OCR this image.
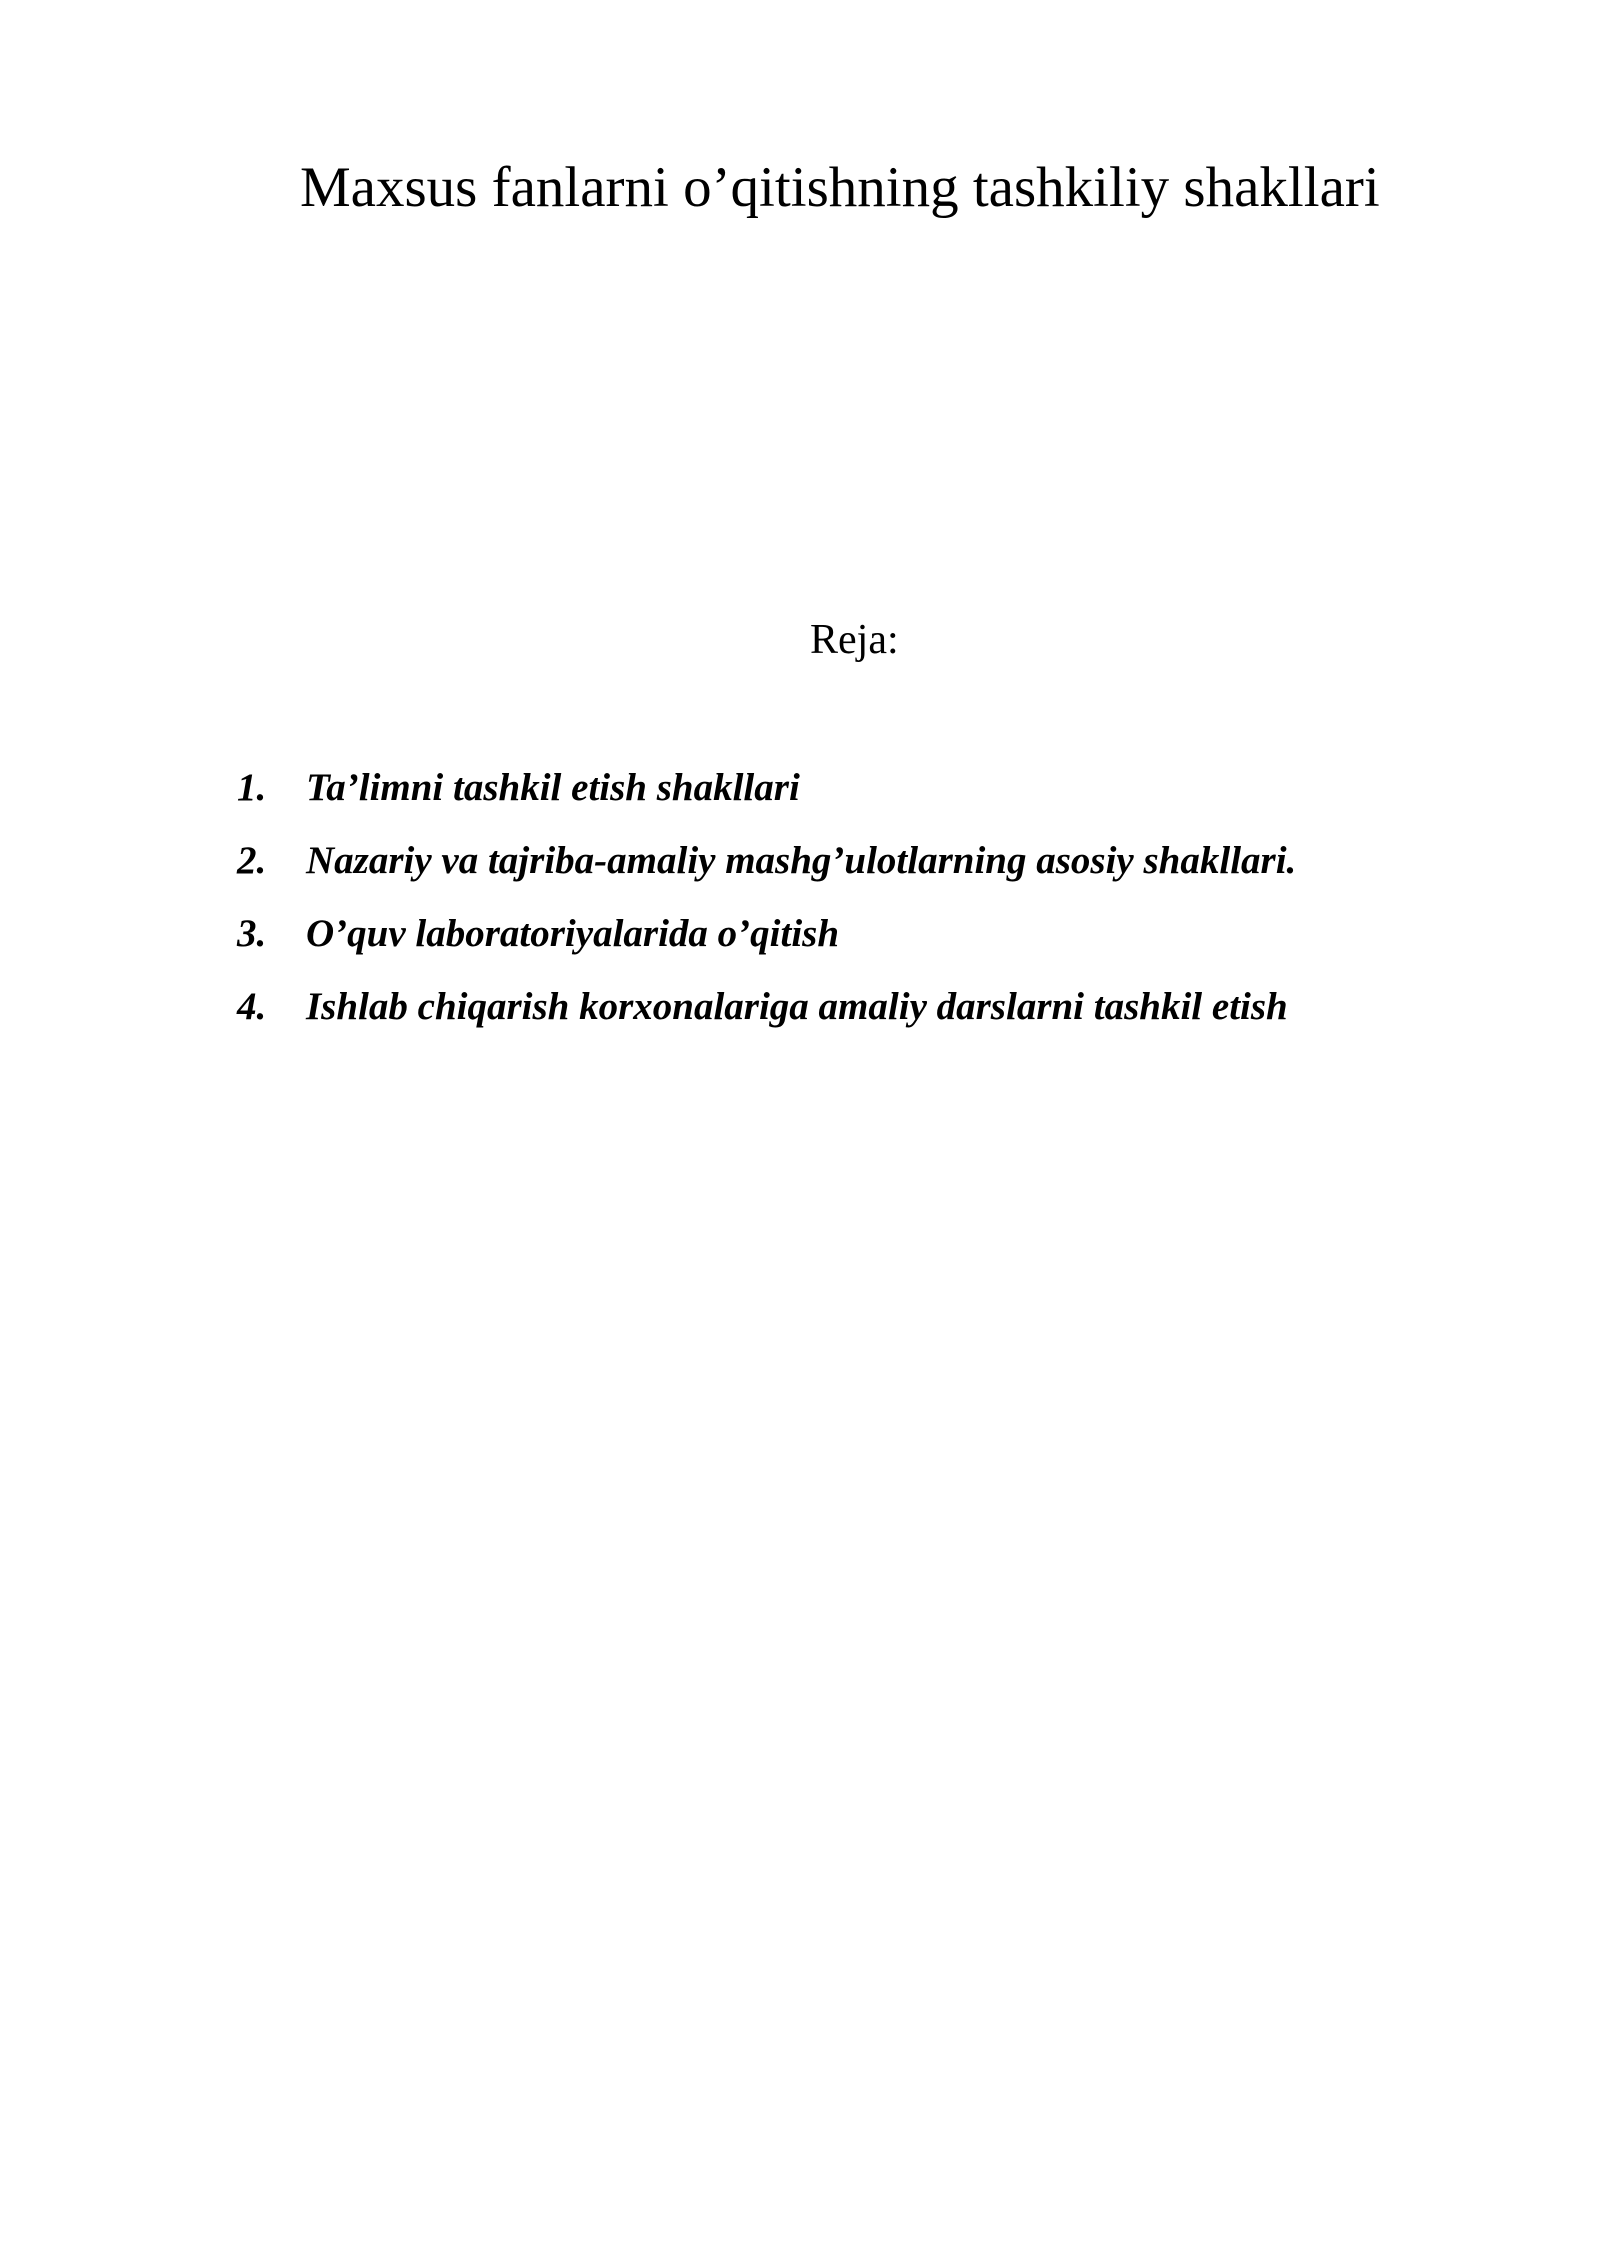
Maxsus fanlarni o’qitishning tashkiliy shakllari

Reja:

1. Ta’limni tashkil etish shakllari
2. Nazariy va tajriba-amaliy mashg’ulotlarning asosiy shakllari.
3. O’quv laboratoriyalarida o’qitish
4. Ishlab chiqarish korxonalariga amaliy darslarni tashkil etish
